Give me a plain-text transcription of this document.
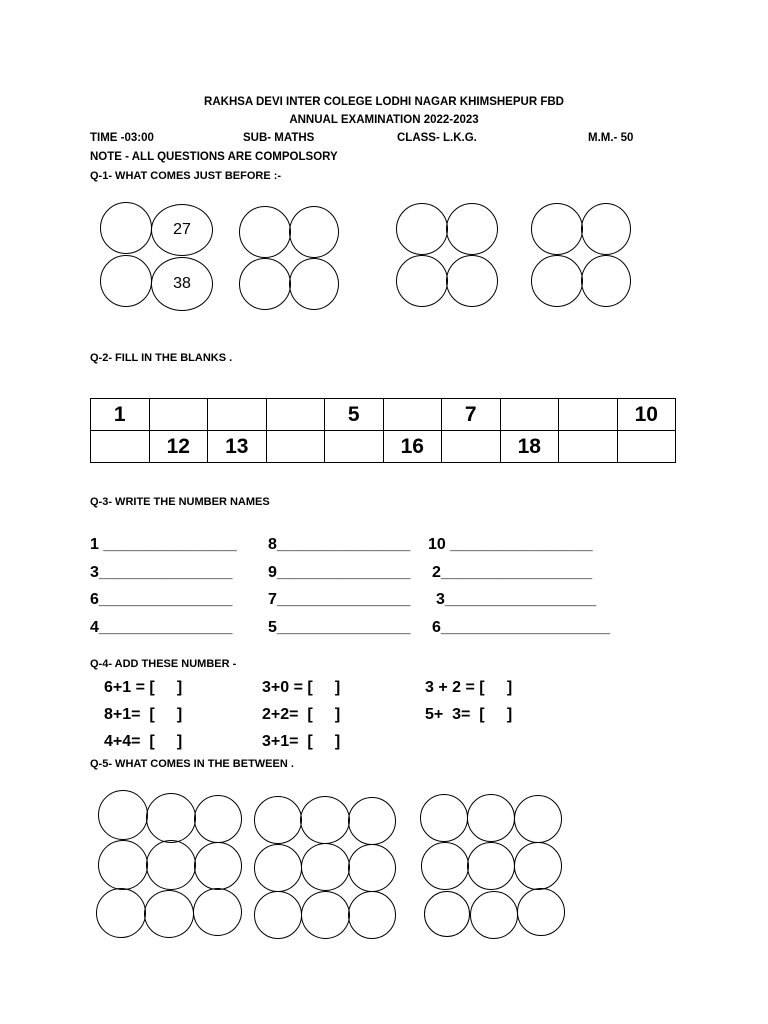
RAKHSA DEVI INTER COLEGE LODHI NAGAR KHIMSHEPUR FBD
ANNUAL EXAMINATION 2022-2023
TIME -03:00	SUB- MATHS	CLASS- L.K.G.	M.M.- 50
NOTE - ALL QUESTIONS ARE COMPOLSORY
Q-1- WHAT COMES JUST BEFORE :-
27
38
Q-2- FILL IN THE BLANKS .
1				5		7			10
	12	13			16		18		
Q-3- WRITE THE NUMBER NAMES
1 _______________ 8_______________ 10 ________________
3_______________ 9_______________ 2_________________
6_______________ 7_______________ 3_________________
4_______________ 5_______________ 6___________________
Q-4- ADD THESE NUMBER -
6+1 = [     ]	3+0 = [     ]	3 + 2 = [     ]
8+1=  [     ]	2+2=  [     ]	5+  3=  [     ]
4+4=  [     ]	3+1=  [     ]
Q-5- WHAT COMES IN THE BETWEEN .
